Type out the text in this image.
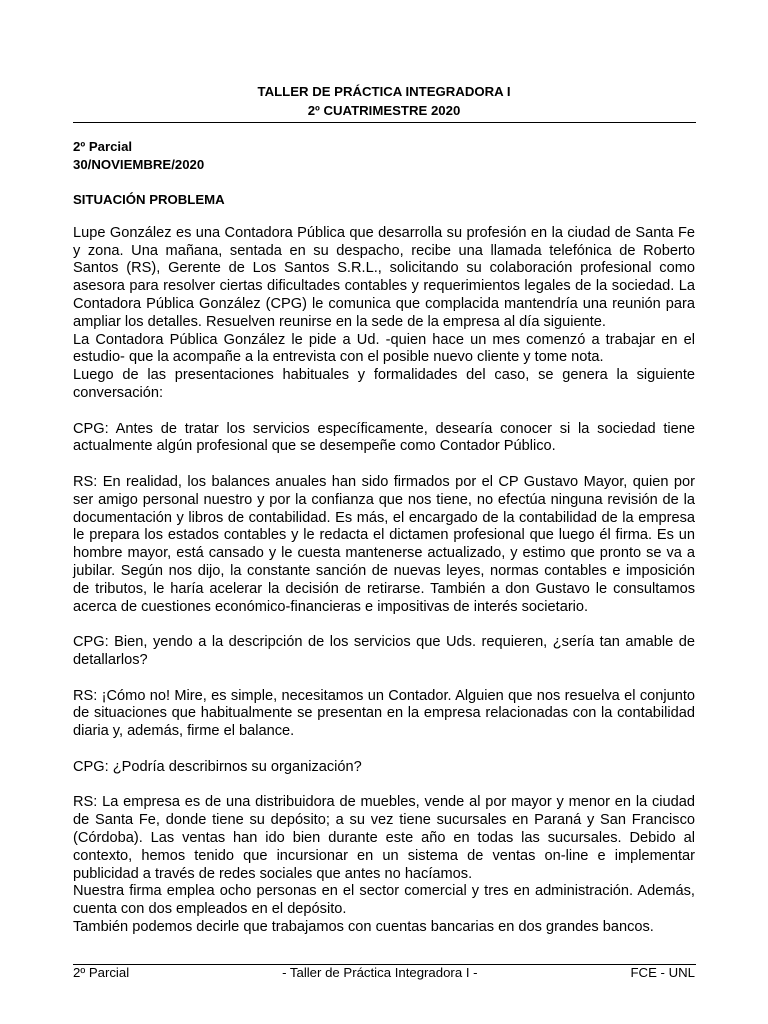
TALLER DE PRÁCTICA INTEGRADORA I
2º CUATRIMESTRE 2020
2º Parcial
30/NOVIEMBRE/2020
SITUACIÓN PROBLEMA

Lupe González es una Contadora Pública que desarrolla su profesión en la ciudad de Santa Fe y zona. Una mañana, sentada en su despacho, recibe una llamada telefónica de Roberto Santos (RS), Gerente de Los Santos S.R.L., solicitando su colaboración profesional como asesora para resolver ciertas dificultades contables y requerimientos legales de la sociedad. La Contadora Pública González (CPG) le comunica que complacida mantendría una reunión para ampliar los detalles. Resuelven reunirse en la sede de la empresa al día siguiente.

La Contadora Pública González le pide a Ud. -quien hace un mes comenzó a trabajar en el estudio- que la acompañe a la entrevista con el posible nuevo cliente y tome nota.

Luego de las presentaciones habituales y formalidades del caso, se genera la siguiente conversación:

CPG: Antes de tratar los servicios específicamente, desearía conocer si la sociedad tiene actualmente algún profesional que se desempeñe como Contador Público.

RS: En realidad, los balances anuales han sido firmados por el CP Gustavo Mayor, quien por ser amigo personal nuestro y por la confianza que nos tiene, no efectúa ninguna revisión de la documentación y libros de contabilidad. Es más, el encargado de la contabilidad de la empresa le prepara los estados contables y le redacta el dictamen profesional que luego él firma. Es un hombre mayor, está cansado y le cuesta mantenerse actualizado, y estimo que pronto se va a jubilar. Según nos dijo, la constante sanción de nuevas leyes, normas contables e imposición de tributos, le haría acelerar la decisión de retirarse. También a don Gustavo le consultamos acerca de cuestiones económico-financieras e impositivas de interés societario.

CPG: Bien, yendo a la descripción de los servicios que Uds. requieren, ¿sería tan amable de detallarlos?

RS: ¡Cómo no! Mire, es simple, necesitamos un Contador. Alguien que nos resuelva el conjunto de situaciones que habitualmente se presentan en la empresa relacionadas con la contabilidad diaria y, además, firme el balance.

CPG: ¿Podría describirnos su organización?

RS: La empresa es de una distribuidora de muebles, vende al por mayor y menor en la ciudad de Santa Fe, donde tiene su depósito; a su vez tiene sucursales en Paraná y San Francisco (Córdoba). Las ventas han ido bien durante este año en todas las sucursales. Debido al contexto, hemos tenido que incursionar en un sistema de ventas on-line e implementar publicidad a través de redes sociales que antes no hacíamos.

Nuestra firma emplea ocho personas en el sector comercial y tres en administración. Además, cuenta con dos empleados en el depósito.

También podemos decirle que trabajamos con cuentas bancarias en dos grandes bancos.

2º Parcial	- Taller de Práctica Integradora I -	FCE - UNL
